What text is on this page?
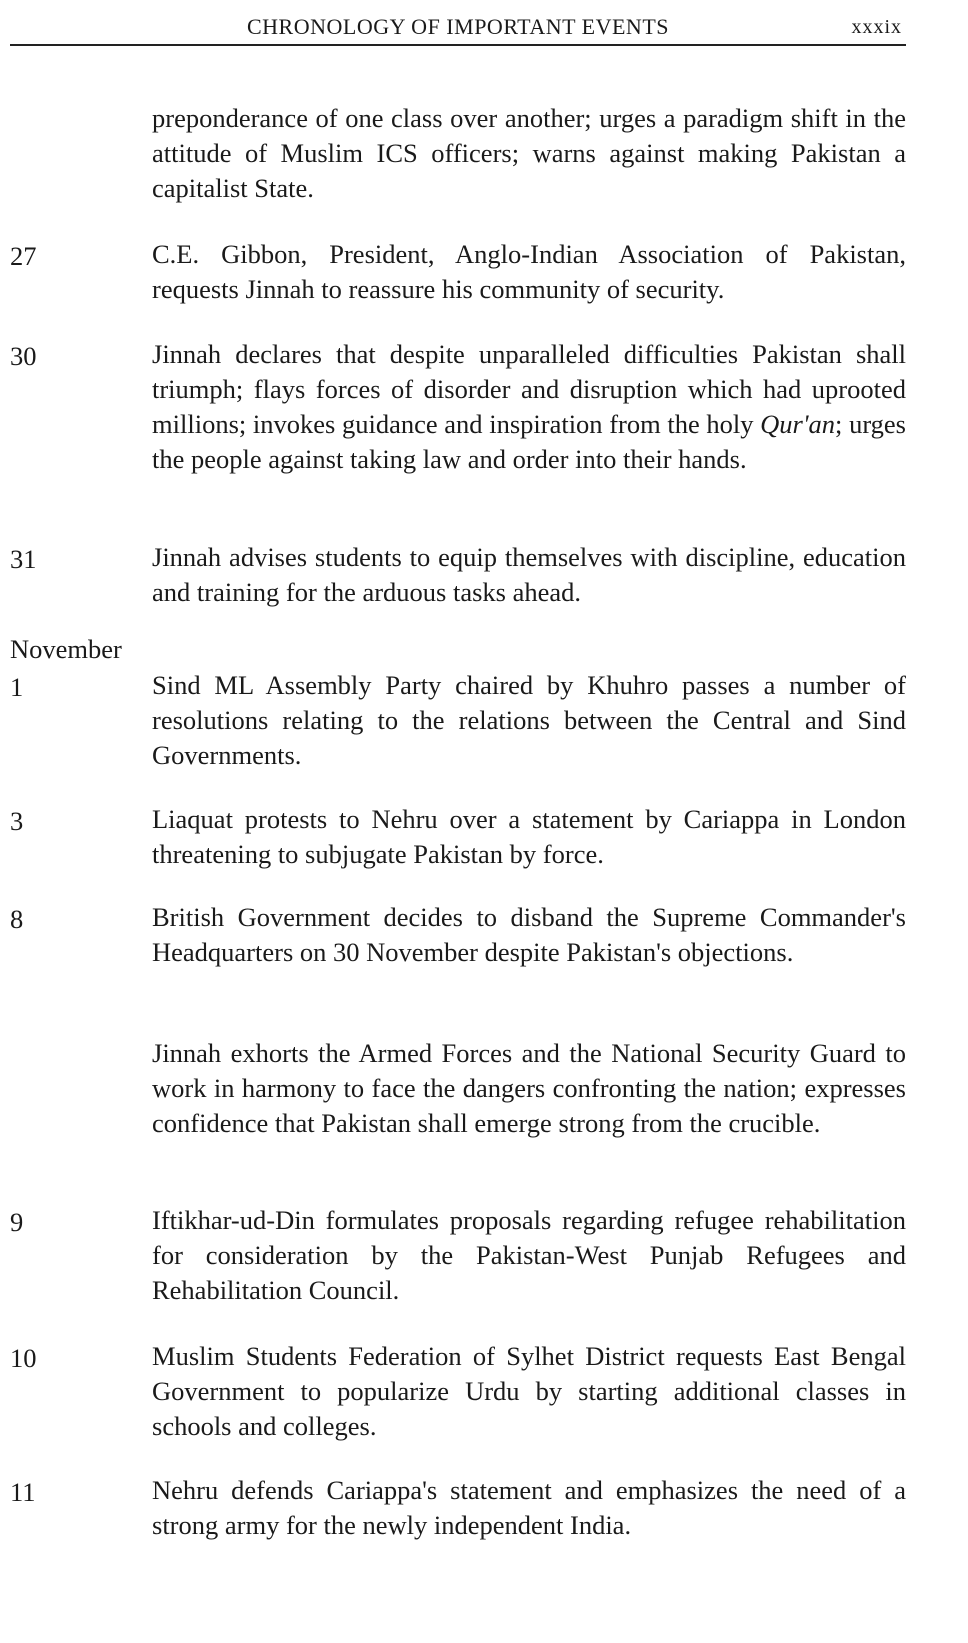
CHRONOLOGY OF IMPORTANT EVENTS	xxxix
preponderance of one class over another; urges a paradigm shift in the attitude of Muslim ICS officers; warns against making Pakistan a capitalist State.
27	C.E. Gibbon, President, Anglo-Indian Association of Pakistan, requests Jinnah to reassure his community of security.
30	Jinnah declares that despite unparalleled difficulties Pakistan shall triumph; flays forces of disorder and disruption which had uprooted millions; invokes guidance and inspiration from the holy Qur'an; urges the people against taking law and order into their hands.
31	Jinnah advises students to equip themselves with discipline, education and training for the arduous tasks ahead.
November
1	Sind ML Assembly Party chaired by Khuhro passes a number of resolutions relating to the relations between the Central and Sind Governments.
3	Liaquat protests to Nehru over a statement by Cariappa in London threatening to subjugate Pakistan by force.
8	British Government decides to disband the Supreme Commander's Headquarters on 30 November despite Pakistan's objections.
Jinnah exhorts the Armed Forces and the National Security Guard to work in harmony to face the dangers confronting the nation; expresses confidence that Pakistan shall emerge strong from the crucible.
9	Iftikhar-ud-Din formulates proposals regarding refugee rehabilitation for consideration by the Pakistan-West Punjab Refugees and Rehabilitation Council.
10	Muslim Students Federation of Sylhet District requests East Bengal Government to popularize Urdu by starting additional classes in schools and colleges.
11	Nehru defends Cariappa's statement and emphasizes the need of a strong army for the newly independent India.
